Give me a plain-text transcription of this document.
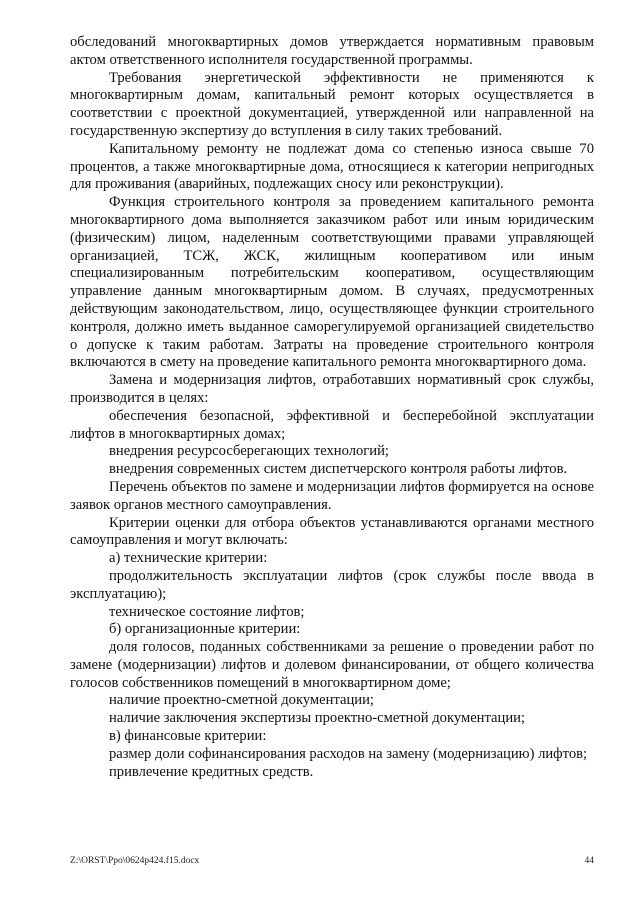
обследований многоквартирных домов утверждается нормативным правовым актом ответственного исполнителя государственной программы.

Требования энергетической эффективности не применяются к многоквартирным домам, капитальный ремонт которых осуществляется в соответствии с проектной документацией, утвержденной или направленной на государственную экспертизу до вступления в силу таких требований.

Капитальному ремонту не подлежат дома со степенью износа свыше 70 процентов, а также многоквартирные дома, относящиеся к категории непригодных для проживания (аварийных, подлежащих сносу или реконструкции).

Функция строительного контроля за проведением капитального ремонта многоквартирного дома выполняется заказчиком работ или иным юридическим (физическим) лицом, наделенным соответствующими правами управляющей организацией, ТСЖ, ЖСК, жилищным кооперативом или иным специализированным потребительским кооперативом, осуществляющим управление данным многоквартирным домом. В случаях, предусмотренных действующим законодательством, лицо, осуществляющее функции строительного контроля, должно иметь выданное саморегулируемой организацией свидетельство о допуске к таким работам. Затраты на проведение строительного контроля включаются в смету на проведение капитального ремонта многоквартирного дома.

Замена и модернизация лифтов, отработавших нормативный срок службы, производится в целях:

обеспечения безопасной, эффективной и бесперебойной эксплуатации лифтов в многоквартирных домах;

внедрения ресурсосберегающих технологий;

внедрения современных систем диспетчерского контроля работы лифтов.

Перечень объектов по замене и модернизации лифтов формируется на основе заявок органов местного самоуправления.

Критерии оценки для отбора объектов устанавливаются органами местного самоуправления и могут включать:

а) технические критерии:

продолжительность эксплуатации лифтов (срок службы после ввода в эксплуатацию);

техническое состояние лифтов;

б) организационные критерии:

доля голосов, поданных собственниками за решение о проведении работ по замене (модернизации) лифтов и долевом финансировании, от общего количества голосов собственников помещений в многоквартирном доме;

наличие проектно-сметной документации;

наличие заключения экспертизы проектно-сметной документации;

в) финансовые критерии:

размер доли софинансирования расходов на замену (модернизацию) лифтов;

привлечение кредитных средств.

Z:\ORST\Ppo\0624p424.f15.docx	44
